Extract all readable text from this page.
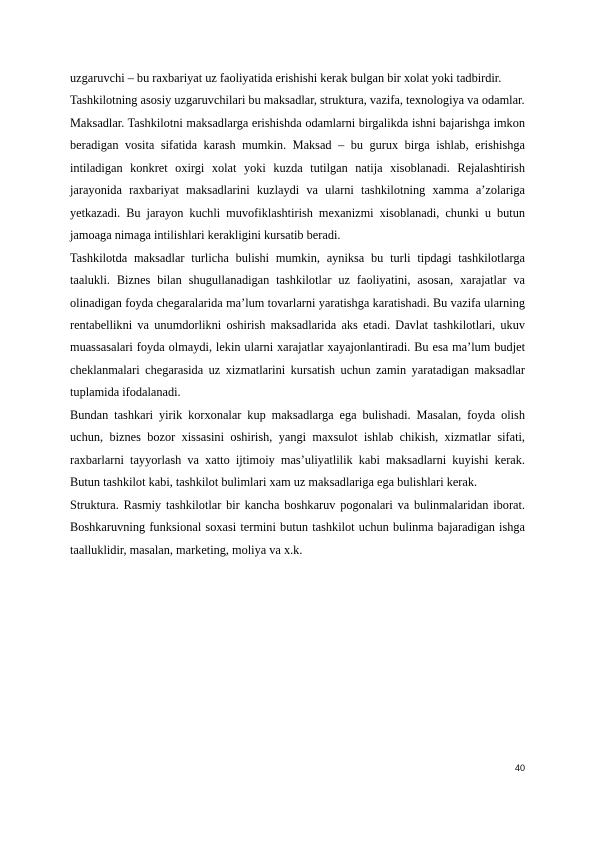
uzgaruvchi – bu raxbariyat uz faoliyatida erishishi kerak bulgan bir xolat yoki tadbirdir.

Tashkilotning asosiy uzgaruvchilari bu maksadlar, struktura, vazifa, texnologiya va odamlar.

Maksadlar. Tashkilotni maksadlarga erishishda odamlarni birgalikda ishni bajarishga imkon beradigan vosita sifatida karash mumkin. Maksad – bu gurux birga ishlab, erishishga intiladigan konkret oxirgi xolat yoki kuzda tutilgan natija xisoblanadi. Rejalashtirish jarayonida raxbariyat maksadlarini kuzlaydi va ularni tashkilotning xamma a’zolariga yetkazadi. Bu jarayon kuchli muvofiklashtirish mexanizmi xisoblanadi, chunki u butun jamoaga nimaga intilishlari kerakligini kursatib beradi.

Tashkilotda maksadlar turlicha bulishi mumkin, ayniksa bu turli tipdagi tashkilotlarga taalukli. Biznes bilan shugullanadigan tashkilotlar uz faoliyatini, asosan, xarajatlar va olinadigan foyda chegaralarida ma’lum tovarlarni yaratishga karatishadi. Bu vazifa ularning rentabellikni va unumdorlikni oshirish maksadlarida aks etadi. Davlat tashkilotlari, ukuv muassasalari foyda olmaydi, lekin ularni xarajatlar xayajonlantiradi. Bu esa ma’lum budjet cheklanmalari chegarasida uz xizmatlarini kursatish uchun zamin yaratadigan maksadlar tuplamida ifodalanadi.

Bundan tashkari yirik korxonalar kup maksadlarga ega bulishadi. Masalan, foyda olish uchun, biznes bozor xissasini oshirish, yangi maxsulot ishlab chikish, xizmatlar sifati, raxbarlarni tayyorlash va xatto ijtimoiy mas’uliyatlilik kabi maksadlarni kuyishi kerak. Butun tashkilot kabi, tashkilot bulimlari xam uz maksadlariga ega bulishlari kerak.

Struktura. Rasmiy tashkilotlar bir kancha boshkaruv pogonalari va bulinmalaridan iborat. Boshkaruvning funksional soxasi termini butun tashkilot uchun bulinma bajaradigan ishga taalluklidir, masalan, marketing, moliya va x.k.

40
